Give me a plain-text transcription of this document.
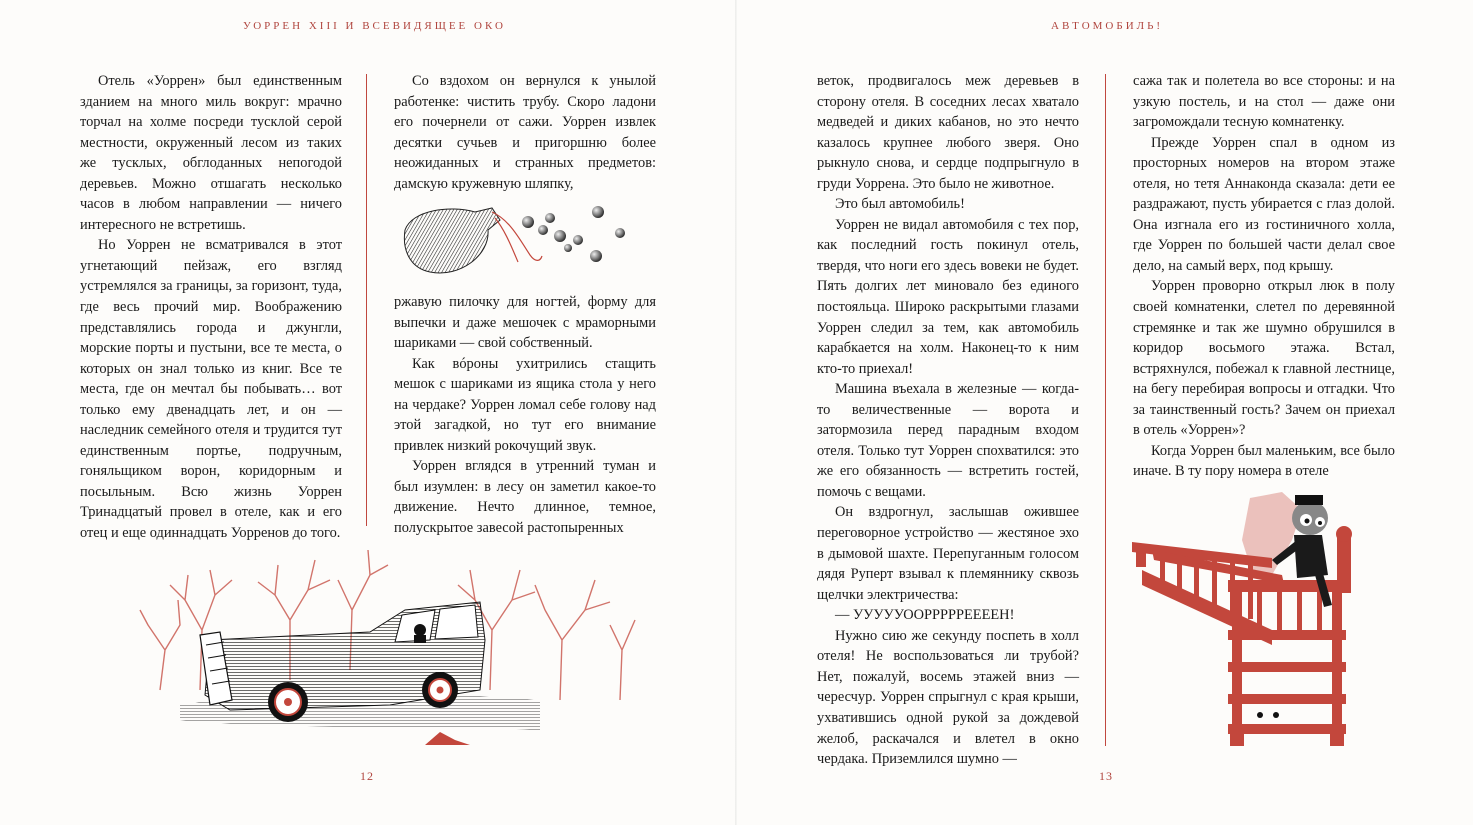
УОРРЕН XIII И ВСЕВИДЯЩЕЕ ОКО

Отель «Уоррен» был единственным зданием на много миль вокруг: мрачно торчал на холме посреди тусклой серой местности, окруженный лесом из таких же тусклых, обглоданных непогодой деревьев. Можно отшагать несколько часов в любом направлении — ничего интересного не встретишь.

Но Уоррен не всматривался в этот угнетающий пейзаж, его взгляд устремлялся за границы, за горизонт, туда, где весь прочий мир. Воображению представлялись города и джунгли, морские порты и пустыни, все те места, о которых он знал только из книг. Все те места, где он мечтал бы побывать… вот только ему двенадцать лет, и он — наследник семейного отеля и трудится тут единственным портье, подручным, гоняльщиком ворон, коридорным и посыльным. Всю жизнь Уоррен Тринадцатый провел в отеле, как и его отец и еще одиннадцать Уорренов до того.

Со вздохом он вернулся к унылой работенке: чистить трубу. Скоро ладони его почернели от сажи. Уоррен извлек десятки сучьев и пригоршню более неожиданных и странных предметов: дамскую кружевную шляпку,

ржавую пилочку для ногтей, форму для выпечки и даже мешочек с мраморными шариками — свой собственный.

Как вóроны ухитрились стащить мешок с шариками из ящика стола у него на чердаке? Уоррен ломал себе голову над этой загадкой, но тут его внимание привлек низкий рокочущий звук.

Уоррен вглядся в утренний туман и был изумлен: в лесу он заметил какое-то движение. Нечто длинное, темное, полускрытое завесой растопыренных

12
АВТОМОБИЛЬ!

веток, продвигалось меж деревьев в сторону отеля. В соседних лесах хватало медведей и диких кабанов, но это нечто казалось крупнее любого зверя. Оно рыкнуло снова, и сердце подпрыгнуло в груди Уоррена. Это было не животное.

Это был автомобиль!

Уоррен не видал автомобиля с тех пор, как последний гость покинул отель, твердя, что ноги его здесь вовеки не будет. Пять долгих лет миновало без единого постояльца. Широко раскрытыми глазами Уоррен следил за тем, как автомобиль карабкается на холм. Наконец-то к ним кто-то приехал!

Машина въехала в железные — когда-то величественные — ворота и затормозила перед парадным входом отеля. Только тут Уоррен спохватился: это же его обязанность — встретить гостей, помочь с вещами.

Он вздрогнул, заслышав ожившее переговорное устройство — жестяное эхо в дымовой шахте. Перепуганным голосом дядя Руперт взывал к племяннику сквозь щелчки электричества:

— УУУУУООРРРРРЕЕЕЕН!

Нужно сию же секунду поспеть в холл отеля! Не воспользоваться ли трубой? Нет, пожалуй, восемь этажей вниз — чересчур. Уоррен спрыгнул с края крыши, ухватившись одной рукой за дождевой желоб, раскачался и влетел в окно чердака. Приземлился шумно —

сажа так и полетела во все стороны: и на узкую постель, и на стол — даже они загромождали тесную комнатенку.

Прежде Уоррен спал в одном из просторных номеров на втором этаже отеля, но тетя Аннаконда сказала: дети ее раздражают, пусть убирается с глаз долой. Она изгнала его из гостиничного холла, где Уоррен по большей части делал свое дело, на самый верх, под крышу.

Уоррен проворно открыл люк в полу своей комнатенки, слетел по деревянной стремянке и так же шумно обрушился в коридор восьмого этажа. Встал, встряхнулся, побежал к главной лестнице, на бегу перебирая вопросы и отгадки. Что за таинственный гость? Зачем он приехал в отель «Уоррен»?

Когда Уоррен был маленьким, все было иначе. В ту пору номера в отеле

13
